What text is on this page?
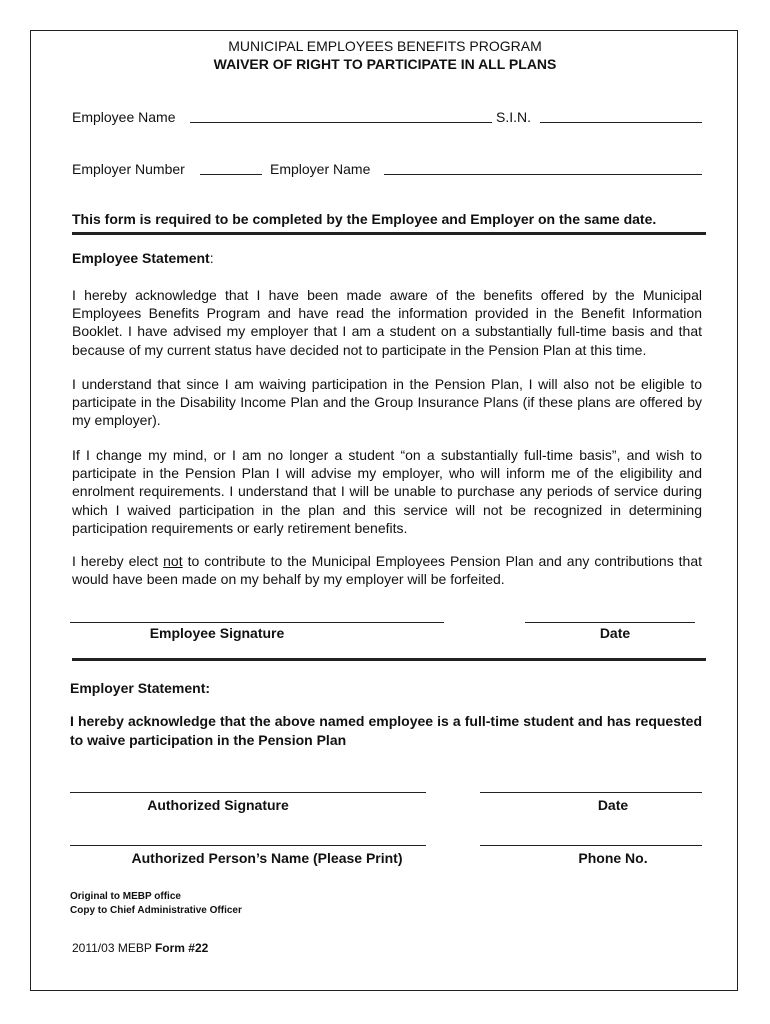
MUNICIPAL EMPLOYEES BENEFITS PROGRAM
WAIVER OF RIGHT TO PARTICIPATE IN ALL PLANS
Employee Name	S.I.N.
Employer Number	Employer Name
This form is required to be completed by the Employee and Employer on the same date.
Employee Statement:
I hereby acknowledge that I have been made aware of the benefits offered by the Municipal Employees Benefits Program and have read the information provided in the Benefit Information Booklet. I have advised my employer that I am a student on a substantially full-time basis and that because of my current status have decided not to participate in the Pension Plan at this time.
I understand that since I am waiving participation in the Pension Plan, I will also not be eligible to participate in the Disability Income Plan and the Group Insurance Plans (if these plans are offered by my employer).
If I change my mind, or I am no longer a student “on a substantially full-time basis”, and wish to participate in the Pension Plan I will advise my employer, who will inform me of the eligibility and enrolment requirements. I understand that I will be unable to purchase any periods of service during which I waived participation in the plan and this service will not be recognized in determining participation requirements or early retirement benefits.
I hereby elect not to contribute to the Municipal Employees Pension Plan and any contributions that would have been made on my behalf by my employer will be forfeited.
Employee Signature	Date
Employer Statement:
I hereby acknowledge that the above named employee is a full-time student and has requested to waive participation in the Pension Plan
Authorized Signature	Date
Authorized Person’s Name (Please Print)	Phone No.
Original to MEBP office
Copy to Chief Administrative Officer
2011/03 MEBP Form #22
